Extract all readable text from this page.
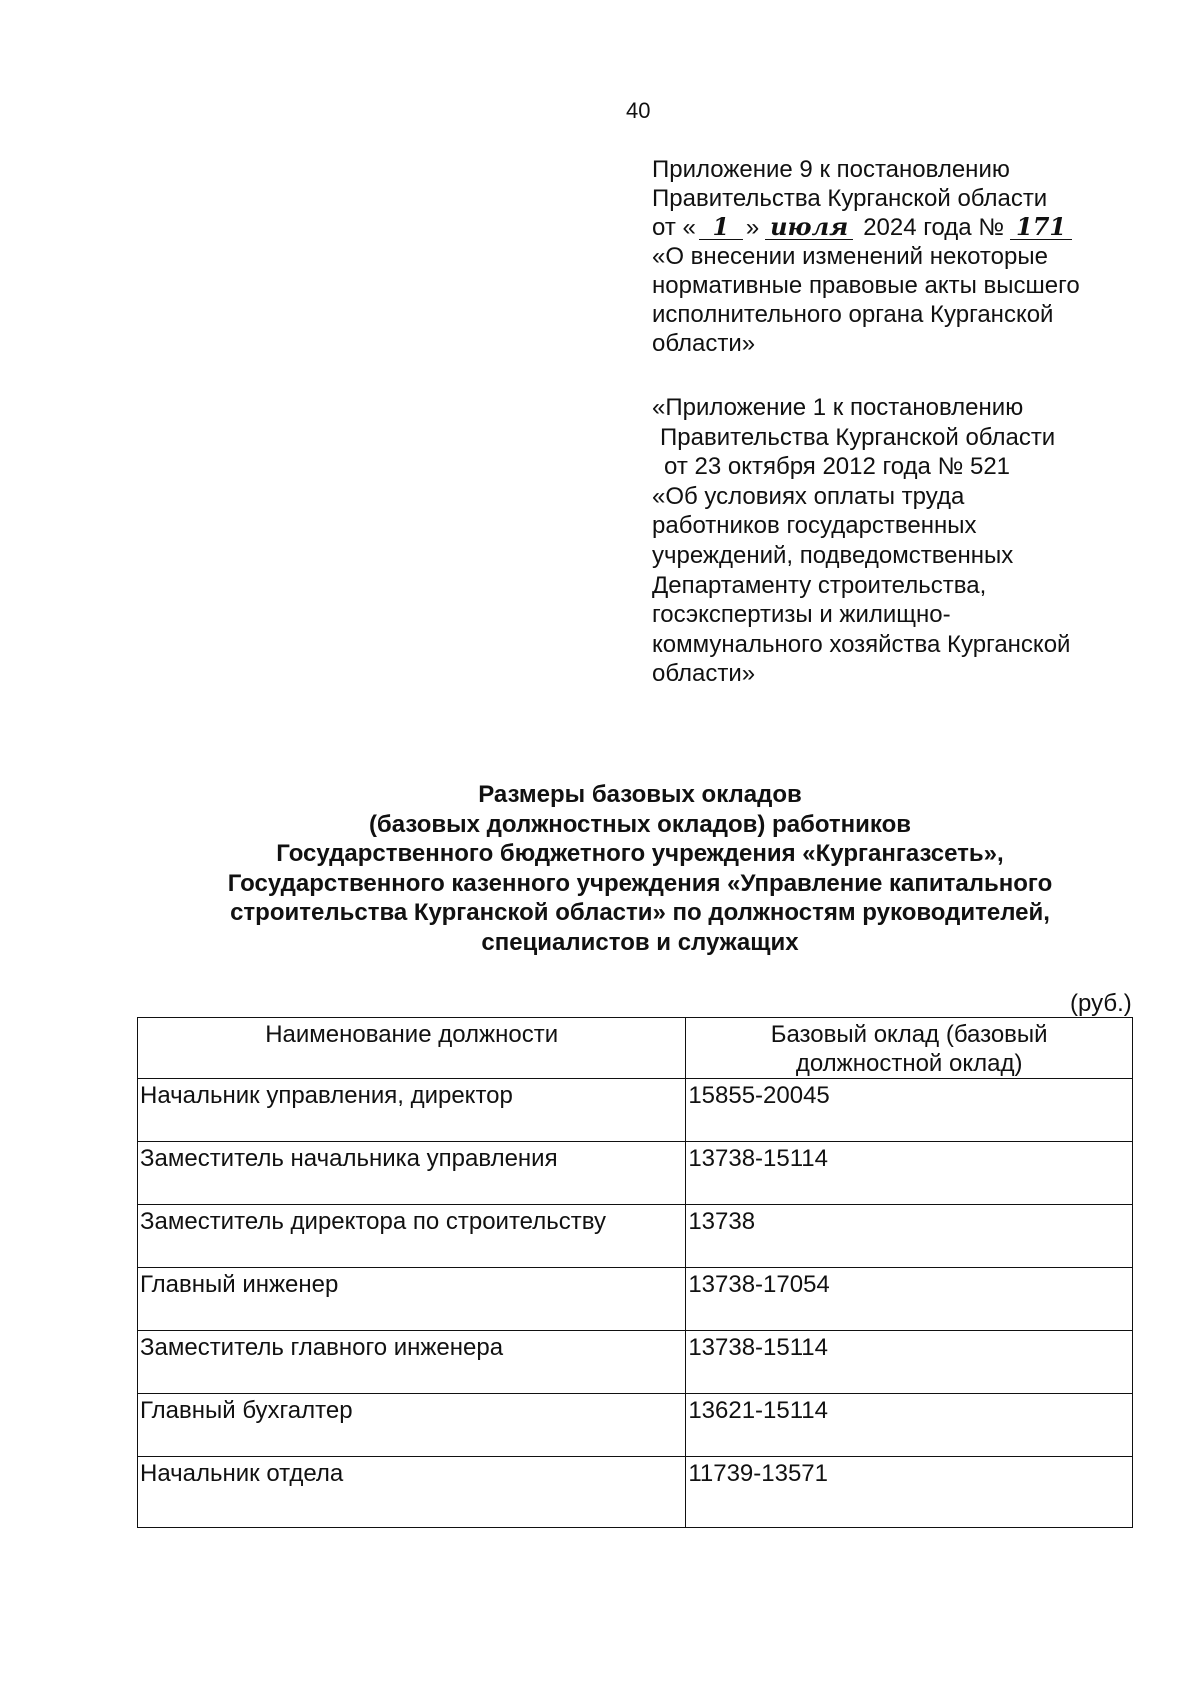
40
Приложение 9 к постановлению
Правительства Курганской области
от « 1 » июля 2024 года № 171
«О внесении изменений некоторые
нормативные правовые акты высшего
исполнительного органа Курганской
области»
«Приложение 1 к постановлению
Правительства Курганской области
от 23 октября 2012 года № 521
«Об условиях оплаты труда
работников государственных
учреждений, подведомственных
Департаменту строительства,
госэкспертизы и жилищно-
коммунального хозяйства Курганской
области»
Размеры базовых окладов
(базовых должностных окладов) работников
Государственного бюджетного учреждения «Кургангазсеть»,
Государственного казенного учреждения «Управление капитального
строительства Курганской области» по должностям руководителей,
специалистов и служащих
(руб.)
Наименование должности	Базовый оклад (базовый
должностной оклад)

Начальник управления, директор	15855-20045
Заместитель начальника управления	13738-15114
Заместитель директора по строительству	13738
Главный инженер	13738-17054
Заместитель главного инженера	13738-15114
Главный бухгалтер	13621-15114
Начальник отдела	11739-13571
